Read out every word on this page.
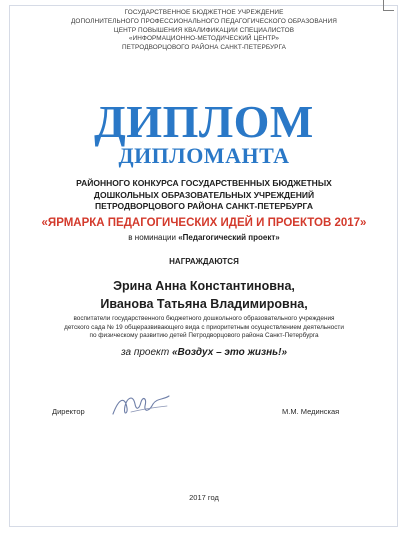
ГОСУДАРСТВЕННОЕ БЮДЖЕТНОЕ УЧРЕЖДЕНИЕ
ДОПОЛНИТЕЛЬНОГО ПРОФЕССИОНАЛЬНОГО ПЕДАГОГИЧЕСКОГО ОБРАЗОВАНИЯ
ЦЕНТР ПОВЫШЕНИЯ КВАЛИФИКАЦИИ СПЕЦИАЛИСТОВ
«ИНФОРМАЦИОННО-МЕТОДИЧЕСКИЙ ЦЕНТР»
ПЕТРОДВОРЦОВОГО РАЙОНА САНКТ-ПЕТЕРБУРГА
ДИПЛОМ
ДИПЛОМАНТА
РАЙОННОГО КОНКУРСА ГОСУДАРСТВЕННЫХ БЮДЖЕТНЫХ
ДОШКОЛЬНЫХ ОБРАЗОВАТЕЛЬНЫХ УЧРЕЖДЕНИЙ
ПЕТРОДВОРЦОВОГО РАЙОНА САНКТ-ПЕТЕРБУРГА
«ЯРМАРКА ПЕДАГОГИЧЕСКИХ ИДЕЙ И ПРОЕКТОВ 2017»
в номинации «Педагогический проект»
НАГРАЖДАЮТСЯ
Эрина Анна Константиновна,
Иванова Татьяна Владимировна,
воспитатели государственного бюджетного дошкольного образовательного учреждения
детского сада № 19 общеразвивающего вида с приоритетным осуществлением деятельности
по физическому развитию детей Петродворцового района Санкт-Петербурга
за проект «Воздух – это жизнь!»
Директор	М.М. Мединская
2017 год
